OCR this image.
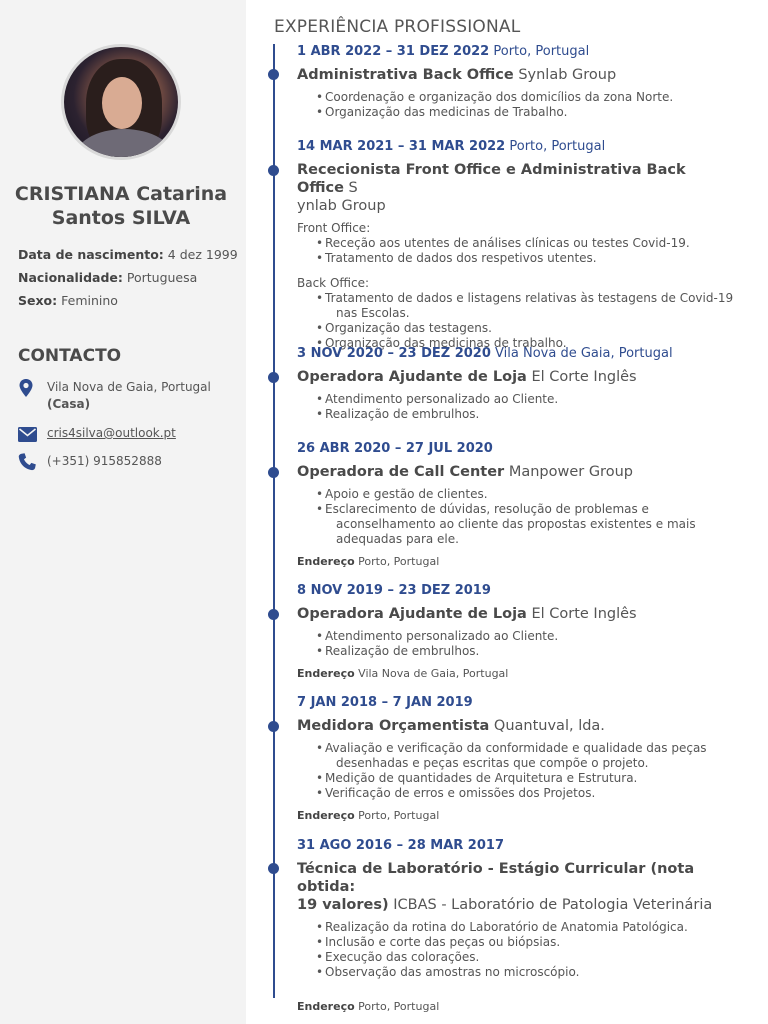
CRISTIANA Catarina
Santos SILVA
Data de nascimento: 4 dez 1999
Nacionalidade: Portuguesa
Sexo: Feminino
CONTACTO
Vila Nova de Gaia, Portugal
(Casa)
cris4silva@outlook.pt
(+351) 915852888
EXPERIÊNCIA PROFISSIONAL
1 ABR 2022 – 31 DEZ 2022 Porto, Portugal
Administrativa Back Office Synlab Group
• Coordenação e organização dos domicílios da zona Norte.
• Organização das medicinas de Trabalho.
14 MAR 2021 – 31 MAR 2022 Porto, Portugal
Rececionista Front Office e Administrativa Back Office S
ynlab Group
Front Office:
• Receção aos utentes de análises clínicas ou testes Covid-19.
• Tratamento de dados dos respetivos utentes.
Back Office:
• Tratamento de dados e listagens relativas às testagens de Covid-19
nas Escolas.
• Organização das testagens.
• Organização das medicinas de trabalho.
3 NOV 2020 – 23 DEZ 2020 Vila Nova de Gaia, Portugal
Operadora Ajudante de Loja El Corte Inglês
• Atendimento personalizado ao Cliente.
• Realização de embrulhos.
26 ABR 2020 – 27 JUL 2020
Operadora de Call Center Manpower Group
• Apoio e gestão de clientes.
• Esclarecimento de dúvidas, resolução de problemas e
aconselhamento ao cliente das propostas existentes e mais
adequadas para ele.
Endereço Porto, Portugal
8 NOV 2019 – 23 DEZ 2019
Operadora Ajudante de Loja El Corte Inglês
• Atendimento personalizado ao Cliente.
• Realização de embrulhos.
Endereço Vila Nova de Gaia, Portugal
7 JAN 2018 – 7 JAN 2019
Medidora Orçamentista Quantuval, lda.
• Avaliação e verificação da conformidade e qualidade das peças
desenhadas e peças escritas que compõe o projeto.
• Medição de quantidades de Arquitetura e Estrutura.
• Verificação de erros e omissões dos Projetos.
Endereço Porto, Portugal
31 AGO 2016 – 28 MAR 2017
Técnica de Laboratório - Estágio Curricular (nota obtida:
19 valores) ICBAS - Laboratório de Patologia Veterinária
• Realização da rotina do Laboratório de Anatomia Patológica.
• Inclusão e corte das peças ou biópsias.
• Execução das colorações.
• Observação das amostras no microscópio.
Endereço Porto, Portugal
